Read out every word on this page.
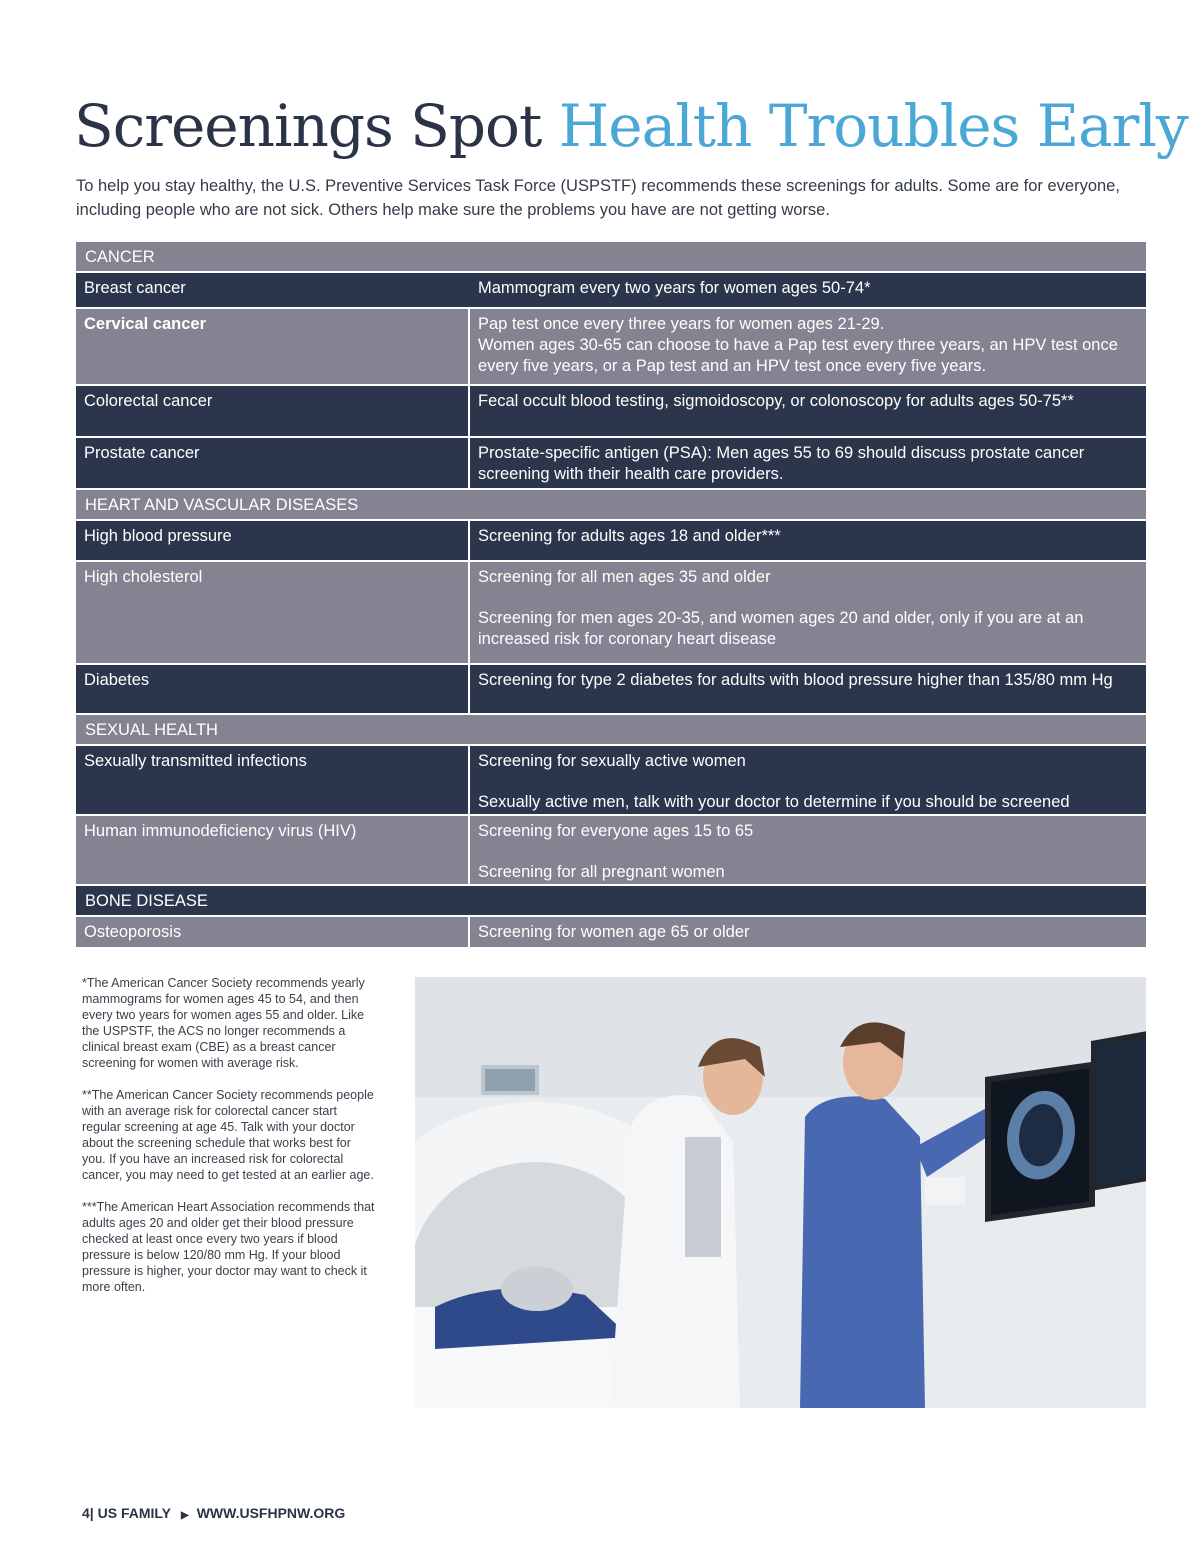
Screenings Spot Health Troubles Early

To help you stay healthy, the U.S. Preventive Services Task Force (USPSTF) recommends these screenings for adults. Some are for everyone, including people who are not sick. Others help make sure the problems you have are not getting worse.

CANCER
Breast cancer	Mammogram every two years for women ages 50-74*
Cervical cancer	Pap test once every three years for women ages 21-29.
Women ages 30-65 can choose to have a Pap test every three years, an HPV test once every five years, or a Pap test and an HPV test once every five years.
Colorectal cancer	Fecal occult blood testing, sigmoidoscopy, or colonoscopy for adults ages 50-75**
Prostate cancer	Prostate-specific antigen (PSA): Men ages 55 to 69 should discuss prostate cancer screening with their health care providers.
HEART AND VASCULAR DISEASES
High blood pressure	Screening for adults ages 18 and older***
High cholesterol	Screening for all men ages 35 and older
Screening for men ages 20-35, and women ages 20 and older, only if you are at an increased risk for coronary heart disease
Diabetes	Screening for type 2 diabetes for adults with blood pressure higher than 135/80 mm Hg
SEXUAL HEALTH
Sexually transmitted infections	Screening for sexually active women
Sexually active men, talk with your doctor to determine if you should be screened
Human immunodeficiency virus (HIV)	Screening for everyone ages 15 to 65
Screening for all pregnant women
BONE DISEASE
Osteoporosis	Screening for women age 65 or older

*The American Cancer Society recommends yearly mammograms for women ages 45 to 54, and then every two years for women ages 55 and older. Like the USPSTF, the ACS no longer recommends a clinical breast exam (CBE) as a breast cancer screening for women with average risk.

**The American Cancer Society recommends people with an average risk for colorectal cancer start regular screening at age 45. Talk with your doctor about the screening schedule that works best for you. If you have an increased risk for colorectal cancer, you may need to get tested at an earlier age.

***The American Heart Association recommends that adults ages 20 and older get their blood pressure checked at least once every two years if blood pressure is below 120/80 mm Hg. If your blood pressure is higher, your doctor may want to check it more often.

4| US FAMILY ▶ WWW.USFHPNW.ORG
